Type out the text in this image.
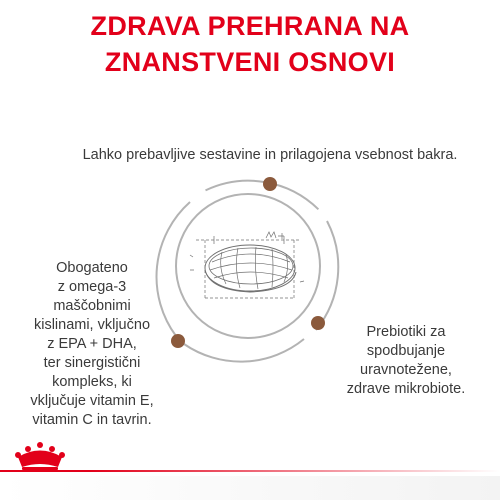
ZDRAVA PREHRANA NA
ZNANSTVENI OSNOVI
Lahko prebavljive sestavine in prilagojena vsebnost bakra.
Obogateno
z omega-3
maščobnimi
kislinami, vključno
z EPA + DHA,
ter sinergistični
kompleks, ki
vključuje vitamin E,
vitamin C in tavrin.
Prebiotiki za
spodbujanje
uravnotežene,
zdrave mikrobiote.
